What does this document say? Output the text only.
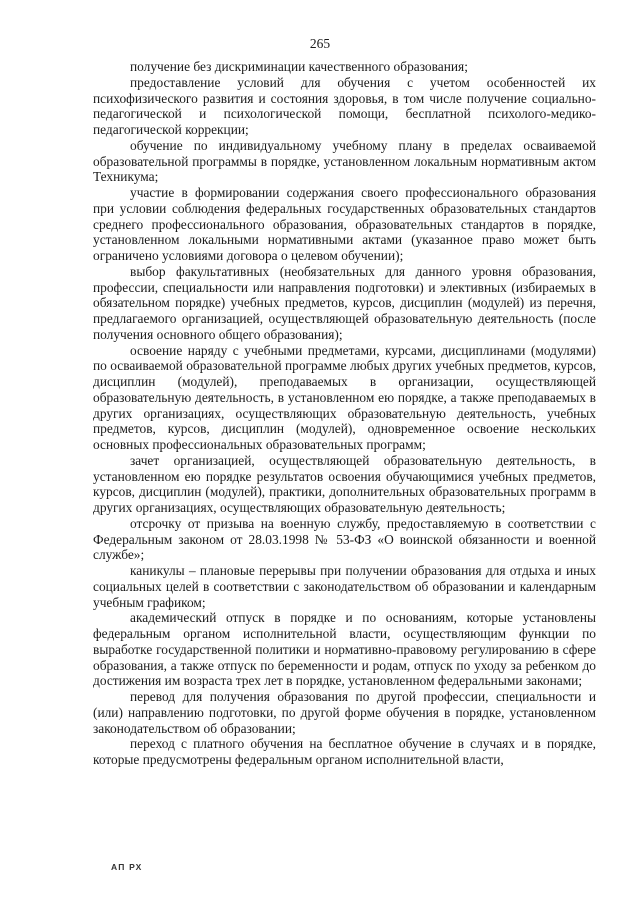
265

получение без дискриминации качественного образования;

предоставление условий для обучения с учетом особенностей их психофизического развития и состояния здоровья, в том числе получение социально-педагогической и психологической помощи, бесплатной психолого-медико-педагогической коррекции;

обучение по индивидуальному учебному плану в пределах осваиваемой образовательной программы в порядке, установленном локальным нормативным актом Техникума;

участие в формировании содержания своего профессионального образования при условии соблюдения федеральных государственных образовательных стандартов среднего профессионального образования, образовательных стандартов в порядке, установленном локальными нормативными актами (указанное право может быть ограничено условиями договора о целевом обучении);

выбор факультативных (необязательных для данного уровня образования, профессии, специальности или направления подготовки) и элективных (избираемых в обязательном порядке) учебных предметов, курсов, дисциплин (модулей) из перечня, предлагаемого организацией, осуществляющей образовательную деятельность (после получения основного общего образования);

освоение наряду с учебными предметами, курсами, дисциплинами (модулями) по осваиваемой образовательной программе любых других учебных предметов, курсов, дисциплин (модулей), преподаваемых в организации, осуществляющей образовательную деятельность, в установленном ею порядке, а также преподаваемых в других организациях, осуществляющих образовательную деятельность, учебных предметов, курсов, дисциплин (модулей), одновременное освоение нескольких основных профессиональных образовательных программ;

зачет организацией, осуществляющей образовательную деятельность, в установленном ею порядке результатов освоения обучающимися учебных предметов, курсов, дисциплин (модулей), практики, дополнительных образовательных программ в других организациях, осуществляющих образовательную деятельность;

отсрочку от призыва на военную службу, предоставляемую в соответствии с Федеральным законом от 28.03.1998 № 53-ФЗ «О воинской обязанности и военной службе»;

каникулы – плановые перерывы при получении образования для отдыха и иных социальных целей в соответствии с законодательством об образовании и календарным учебным графиком;

академический отпуск в порядке и по основаниям, которые установлены федеральным органом исполнительной власти, осуществляющим функции по выработке государственной политики и нормативно-правовому регулированию в сфере образования, а также отпуск по беременности и родам, отпуск по уходу за ребенком до достижения им возраста трех лет в порядке, установленном федеральными законами;

перевод для получения образования по другой профессии, специальности и (или) направлению подготовки, по другой форме обучения в порядке, установленном законодательством об образовании;

переход с платного обучения на бесплатное обучение в случаях и в порядке, которые предусмотрены федеральным органом исполнительной власти,

АП РХ
